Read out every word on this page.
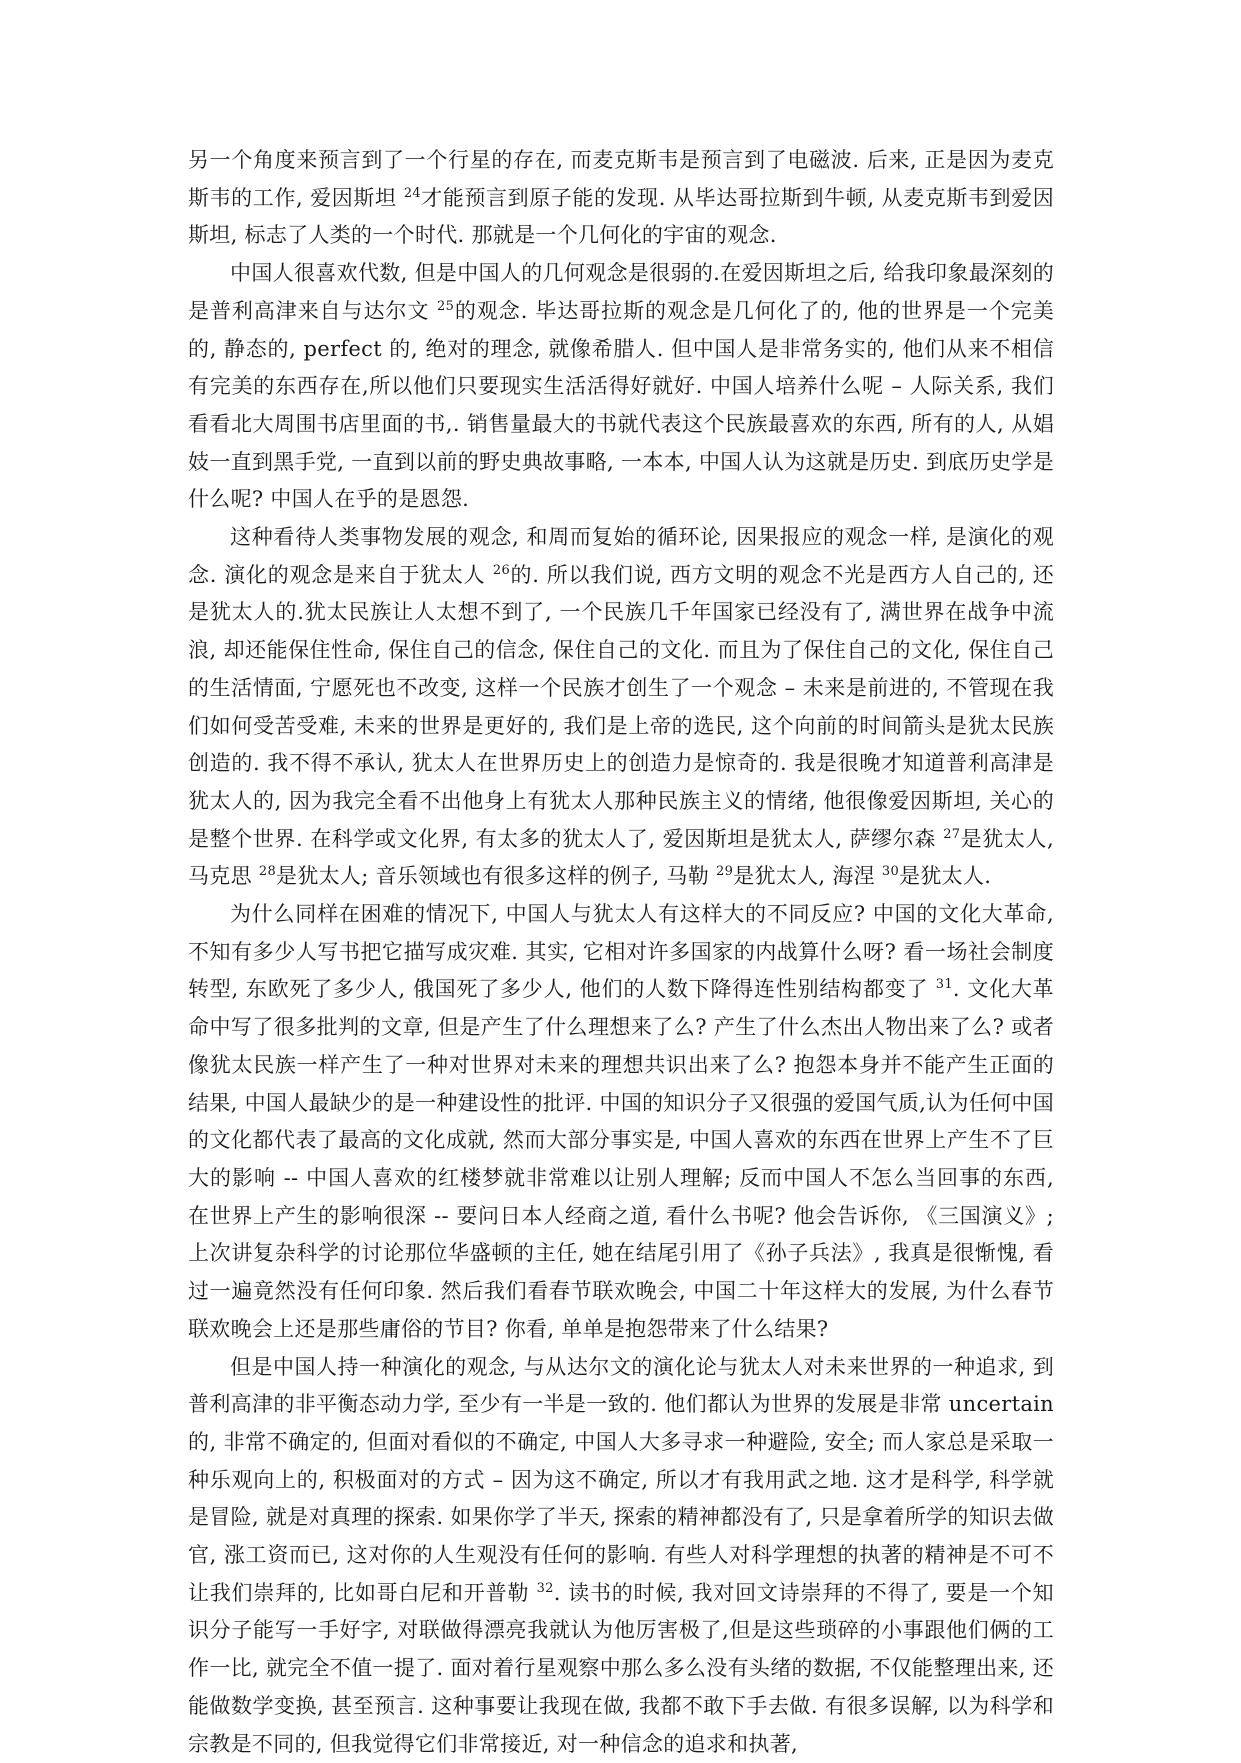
另一个角度来预言到了一个行星的存在, 而麦克斯韦是预言到了电磁波. 后来, 正是因为麦克斯韦的工作, 爱因斯坦 $^{24}$才能预言到原子能的发现. 从毕达哥拉斯到牛顿, 从麦克斯韦到爱因斯坦, 标志了人类的一个时代. 那就是一个几何化的宇宙的观念.

中国人很喜欢代数, 但是中国人的几何观念是很弱的.在爱因斯坦之后, 给我印象最深刻的是普利高津来自与达尔文 $^{25}$的观念. 毕达哥拉斯的观念是几何化了的, 他的世界是一个完美的, 静态的, perfect 的, 绝对的理念, 就像希腊人. 但中国人是非常务实的, 他们从来不相信有完美的东西存在,所以他们只要现实生活活得好就好. 中国人培养什么呢 – 人际关系, 我们看看北大周围书店里面的书,. 销售量最大的书就代表这个民族最喜欢的东西, 所有的人, 从娼妓一直到黑手党, 一直到以前的野史典故事略, 一本本, 中国人认为这就是历史. 到底历史学是什么呢? 中国人在乎的是恩怨.

这种看待人类事物发展的观念, 和周而复始的循环论, 因果报应的观念一样, 是演化的观念. 演化的观念是来自于犹太人 $^{26}$的. 所以我们说, 西方文明的观念不光是西方人自己的, 还是犹太人的.犹太民族让人太想不到了, 一个民族几千年国家已经没有了, 满世界在战争中流浪, 却还能保住性命, 保住自己的信念, 保住自己的文化. 而且为了保住自己的文化, 保住自己的生活情面, 宁愿死也不改变, 这样一个民族才创生了一个观念 – 未来是前进的, 不管现在我们如何受苦受难, 未来的世界是更好的, 我们是上帝的选民, 这个向前的时间箭头是犹太民族创造的. 我不得不承认, 犹太人在世界历史上的创造力是惊奇的. 我是很晚才知道普利高津是犹太人的, 因为我完全看不出他身上有犹太人那种民族主义的情绪, 他很像爱因斯坦, 关心的是整个世界. 在科学或文化界, 有太多的犹太人了, 爱因斯坦是犹太人, 萨缪尔森 $^{27}$是犹太人, 马克思 $^{28}$是犹太人; 音乐领域也有很多这样的例子, 马勒 $^{29}$是犹太人, 海涅 $^{30}$是犹太人.

为什么同样在困难的情况下, 中国人与犹太人有这样大的不同反应? 中国的文化大革命, 不知有多少人写书把它描写成灾难. 其实, 它相对许多国家的内战算什么呀? 看一场社会制度转型, 东欧死了多少人, 俄国死了多少人, 他们的人数下降得连性别结构都变了 $^{31}$. 文化大革命中写了很多批判的文章, 但是产生了什么理想来了么? 产生了什么杰出人物出来了么? 或者像犹太民族一样产生了一种对世界对未来的理想共识出来了么? 抱怨本身并不能产生正面的结果, 中国人最缺少的是一种建设性的批评. 中国的知识分子又很强的爱国气质,认为任何中国的文化都代表了最高的文化成就, 然而大部分事实是, 中国人喜欢的东西在世界上产生不了巨大的影响 -- 中国人喜欢的红楼梦就非常难以让别人理解; 反而中国人不怎么当回事的东西, 在世界上产生的影响很深 -- 要问日本人经商之道, 看什么书呢? 他会告诉你, 《三国演义》; 上次讲复杂科学的讨论那位华盛顿的主任, 她在结尾引用了《孙子兵法》, 我真是很惭愧, 看过一遍竟然没有任何印象. 然后我们看春节联欢晚会, 中国二十年这样大的发展, 为什么春节联欢晚会上还是那些庸俗的节目? 你看, 单单是抱怨带来了什么结果?

但是中国人持一种演化的观念, 与从达尔文的演化论与犹太人对未来世界的一种追求, 到普利高津的非平衡态动力学, 至少有一半是一致的. 他们都认为世界的发展是非常 uncertain 的, 非常不确定的, 但面对看似的不确定, 中国人大多寻求一种避险, 安全; 而人家总是采取一种乐观向上的, 积极面对的方式 – 因为这不确定, 所以才有我用武之地. 这才是科学, 科学就是冒险, 就是对真理的探索. 如果你学了半天, 探索的精神都没有了, 只是拿着所学的知识去做官, 涨工资而已, 这对你的人生观没有任何的影响. 有些人对科学理想的执著的精神是不可不让我们崇拜的, 比如哥白尼和开普勒 $^{32}$. 读书的时候, 我对回文诗崇拜的不得了, 要是一个知识分子能写一手好字, 对联做得漂亮我就认为他厉害极了,但是这些琐碎的小事跟他们俩的工作一比, 就完全不值一提了. 面对着行星观察中那么多么没有头绪的数据, 不仅能整理出来, 还能做数学变换, 甚至预言. 这种事要让我现在做, 我都不敢下手去做. 有很多误解, 以为科学和宗教是不同的, 但我觉得它们非常接近, 对一种信念的追求和执著,
